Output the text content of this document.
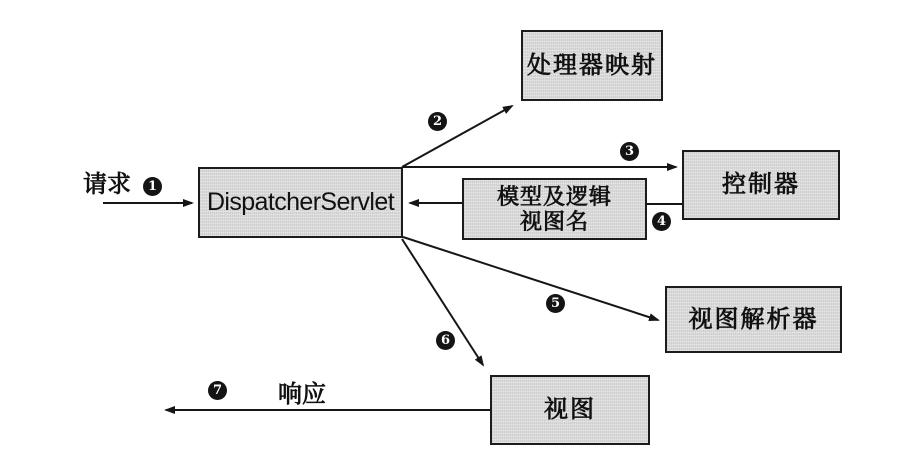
DispatcherServlet
处理器映射
控制器
模型及逻辑
视图名
视图解析器
视图
请求
响应
1
2
3
4
5
6
7
